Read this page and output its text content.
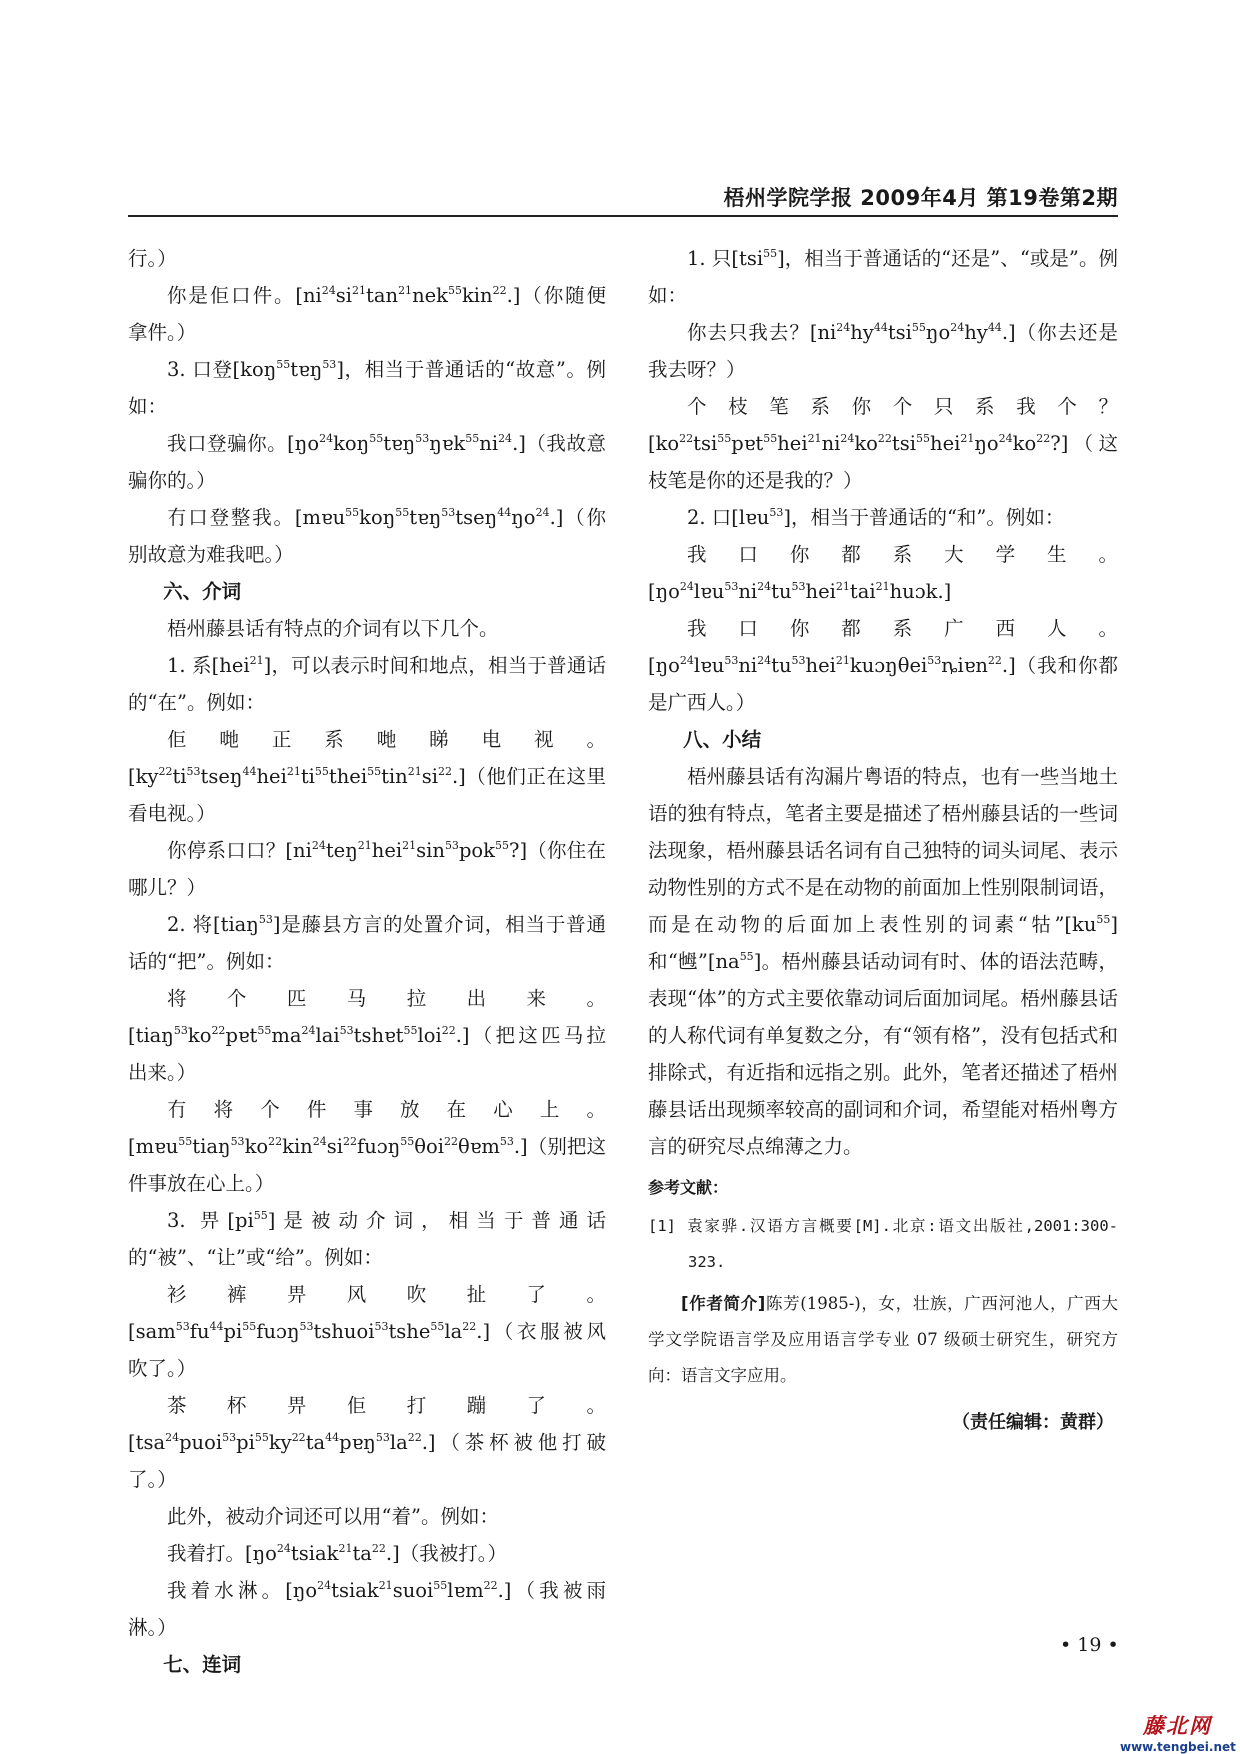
梧州学院学报 2009年4月 第19卷第2期

行。）

你是佢口件。$[ni^{24}si^{21}\tan^{21}nek^{55}kin^{22}.]$（你随便拿件。）

3. 口登[koŋ$^{55}$tɐŋ$^{53}$]，相当于普通话的“故意”。例如：

我口登骗你。$[ŋo^{24}koŋ^{55}tɐŋ^{53}ŋɐk^{55}ni^{24}.]$（我故意骗你的。）

冇口登整我。$[mɐu^{55}koŋ^{55}tɐŋ^{53}tseŋ^{44}ŋo^{24}.]$（你别故意为难我吧。）

六、介词

梧州藤县话有特点的介词有以下几个。

1. 系[hei$^{21}$]，可以表示时间和地点，相当于普通话的“在”。例如：

佢哋正系哋睇电视。$[ky^{22}ti^{53}tseŋ^{44}hei^{21}ti^{55}thei^{55}tin^{21}si^{22}.]$（他们正在这里看电视。）

你停系口口？$[ni^{24}teŋ^{21}hei^{21}\sin^{53}pok^{55}?]$（你住在哪儿？）

2. 将[tiaŋ$^{53}$]是藤县方言的处置介词，相当于普通话的“把”。例如：

将个匹马拉出来。$[tiaŋ^{53}ko^{22}pɐt^{55}ma^{24}lai^{53}tshɐt^{55}loi^{22}.]$（把这匹马拉出来。）

冇将个件事放在心上。$[mɐu^{55}tiaŋ^{53}ko^{22}kin^{24}si^{22}fuɔŋ^{55}\theta oi^{22}\theta ɐm^{53}.]$（别把这件事放在心上。）

3. 畀$[pi^{55}]$是被动介词，相当于普通话的“被”、“让”或“给”。例如：

衫裤畀风吹扯了。$[sam^{53}fu^{44}pi^{55}fuɔŋ^{53}tshuoi^{53}tshe^{55}la^{22}.]$（衣服被风吹了。）

茶杯畀佢打蹦了。$[tsa^{24}puoi^{53}pi^{55}ky^{22}ta^{44}pɐŋ^{53}la^{22}.]$（茶杯被他打破了。）

此外，被动介词还可以用“着”。例如：

我着打。$[ŋo^{24}tsiak^{21}ta^{22}.]$（我被打。）

我着水淋。$[ŋo^{24}tsiak^{21}suoi^{55}lɐm^{22}.]$（我被雨淋。）

七、连词

1. 只[tsi$^{55}$]，相当于普通话的“还是”、“或是”。例如：

你去只我去？$[ni^{24}hy^{44}tsi^{55}ŋo^{24}hy^{44}.]$（你去还是我去呀？）

个枝笔系你个只系我个？$[ko^{22}tsi^{55}pɐt^{55}hei^{21}ni^{24}ko^{22}tsi^{55}hei^{21}ŋo^{24}ko^{22}?]$（这枝笔是你的还是我的？）

2. 口[lɐu$^{53}$]，相当于普通话的“和”。例如：

我口你都系大学生。$[ŋo^{24}lɐu^{53}ni^{24}tu^{53}hei^{21}tai^{21}huɔk.]$

我口你都系广西人。$[ŋo^{24}lɐu^{53}ni^{24}tu^{53}hei^{21}kuɔŋ\theta ei^{53}ȵiɐn^{22}.]$（我和你都是广西人。）

八、小结

梧州藤县话有沟漏片粤语的特点，也有一些当地土语的独有特点，笔者主要是描述了梧州藤县话的一些词法现象，梧州藤县话名词有自己独特的词头词尾、表示动物性别的方式不是在动物的前面加上性别限制词语，而是在动物的后面加上表性别的词素“牯$”[ku^{55}]$和“乸$”[na^{55}]$。梧州藤县话动词有时、体的语法范畴，表现“体”的方式主要依靠动词后面加词尾。梧州藤县话的人称代词有单复数之分，有“领有格”，没有包括式和排除式，有近指和远指之别。此外，笔者还描述了梧州藤县话出现频率较高的副词和介词，希望能对梧州粤方言的研究尽点绵薄之力。

参考文献：

[1] 袁家骅.汉语方言概要[M].北京:语文出版社,2001:300-323.

[作者简介]陈芳(1985-)，女，壮族，广西河池人，广西大学文学院语言学及应用语言学专业 07 级硕士研究生，研究方向：语言文字应用。

（责任编辑：黄群）

• 19 •
藤北网
www.tengbei.net
